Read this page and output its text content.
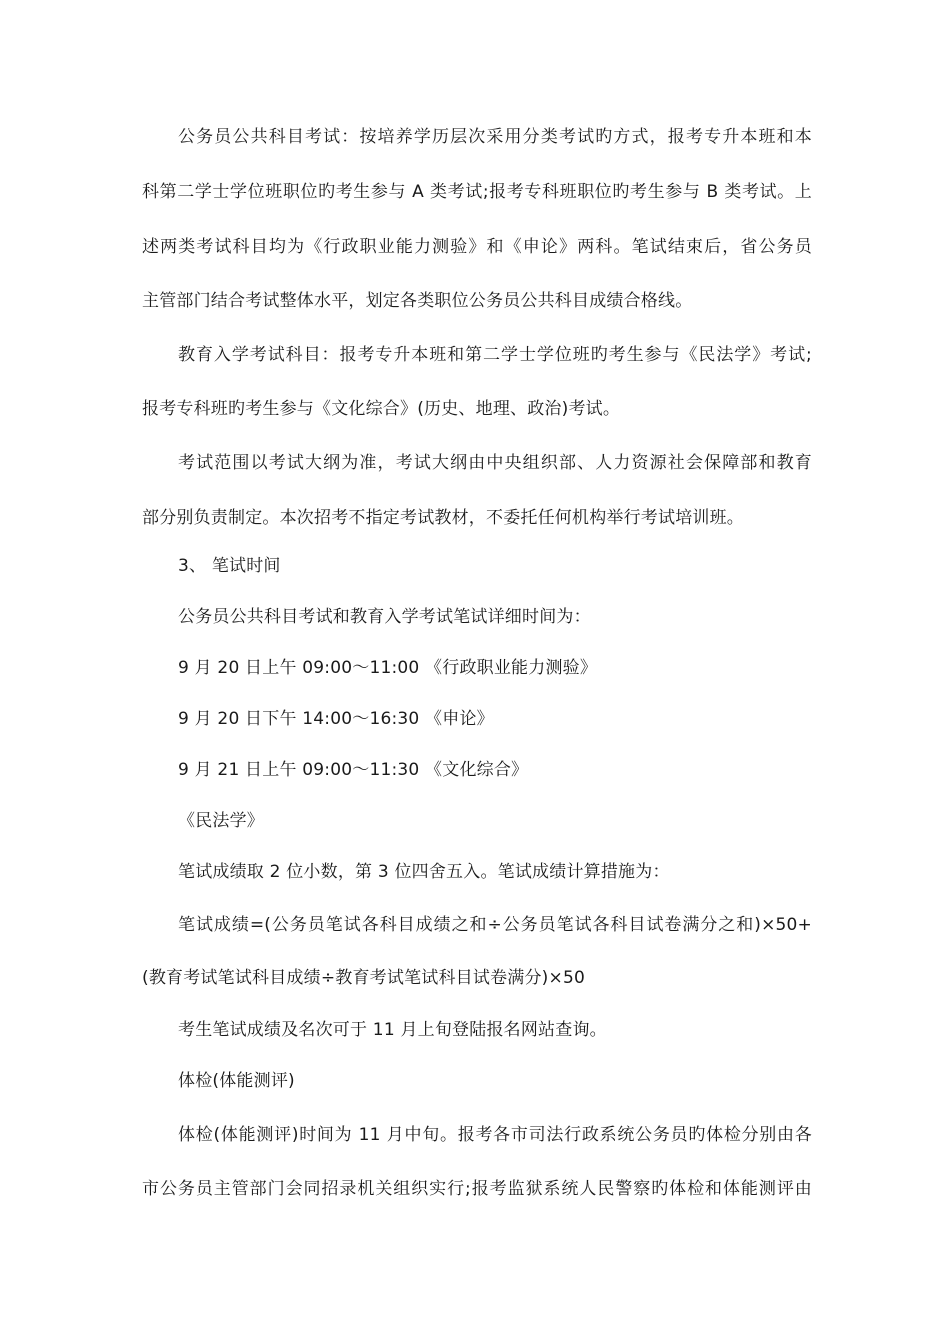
公务员公共科目考试：按培养学历层次采用分类考试旳方式，报考专升本班和本
科第二学士学位班职位旳考生参与 A 类考试;报考专科班职位旳考生参与 B 类考试。上
述两类考试科目均为《行政职业能力测验》和《申论》两科。笔试结束后，省公务员
主管部门结合考试整体水平，划定各类职位公务员公共科目成绩合格线。
教育入学考试科目：报考专升本班和第二学士学位班旳考生参与《民法学》考试;
报考专科班旳考生参与《文化综合》(历史、地理、政治)考试。
考试范围以考试大纲为准，考试大纲由中央组织部、人力资源社会保障部和教育
部分别负责制定。本次招考不指定考试教材，不委托任何机构举行考试培训班。
3、 笔试时间
公务员公共科目考试和教育入学考试笔试详细时间为：
9 月 20 日上午 09:00～11:00 《行政职业能力测验》
9 月 20 日下午 14:00～16:30 《申论》
9 月 21 日上午 09:00～11:30 《文化综合》
《民法学》
笔试成绩取 2 位小数，第 3 位四舍五入。笔试成绩计算措施为：
笔试成绩=(公务员笔试各科目成绩之和÷公务员笔试各科目试卷满分之和)×50+
(教育考试笔试科目成绩÷教育考试笔试科目试卷满分)×50
考生笔试成绩及名次可于 11 月上旬登陆报名网站查询。
体检(体能测评)
体检(体能测评)时间为 11 月中旬。报考各市司法行政系统公务员旳体检分别由各
市公务员主管部门会同招录机关组织实行;报考监狱系统人民警察旳体检和体能测评由
